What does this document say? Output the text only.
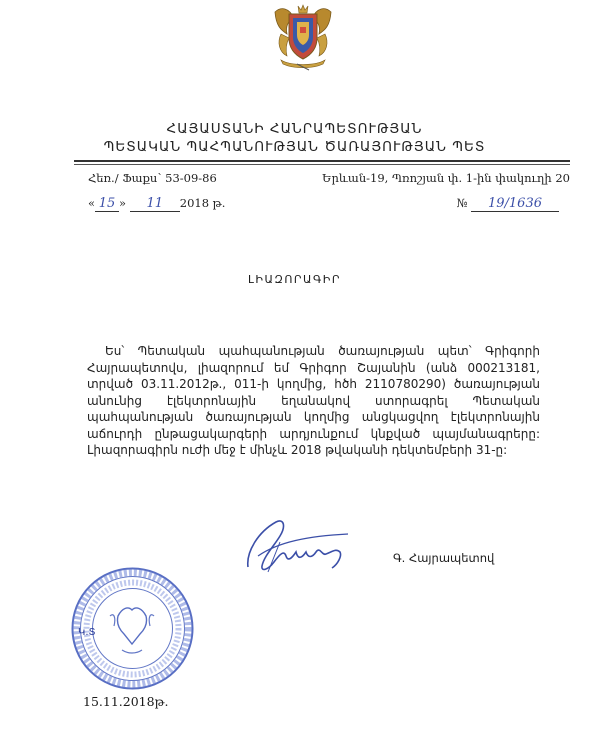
ՀԱՅԱՍՏԱՆԻ ՀԱՆՐԱՊԵՏՈՒԹՅԱՆ
ՊԵՏԱԿԱՆ ՊԱՀՊԱՆՈՒԹՅԱՆ ԾԱՌԱՅՈՒԹՅԱՆ ՊԵՏ
Հեռ./ Ֆաքս՝ 53-09-86	Երևան-19, Պռոշյան փ. 1-ին փակուղի 20
« 15 » 11 2018 թ.	№ 19/1636
ԼԻԱԶՈՐԱԳԻՐ
Ես՝ Պետական պահպանության ծառայության պետ՝ Գրիգորի Հայրապետովս, լիազորում եմ Գրիգոր Շայանին (անձ 000213181, տրված 03.11.2012թ., 011-ի կողմից, հծհ 2110780290) ծառայության անունից էլեկտրոնային եղանակով ստորագրել Պետական պահպանության ծառայության կողմից անցկացվող էլեկտրոնային աճուրդի ընթացակարգերի արդյունքում կնքված պայմանագրերը: Լիազորագիրն ուժի մեջ է մինչև 2018 թվականի դեկտեմբերի 31-ը:
Գ. Հայրապետով
Կ.Տ
15.11.2018թ.
